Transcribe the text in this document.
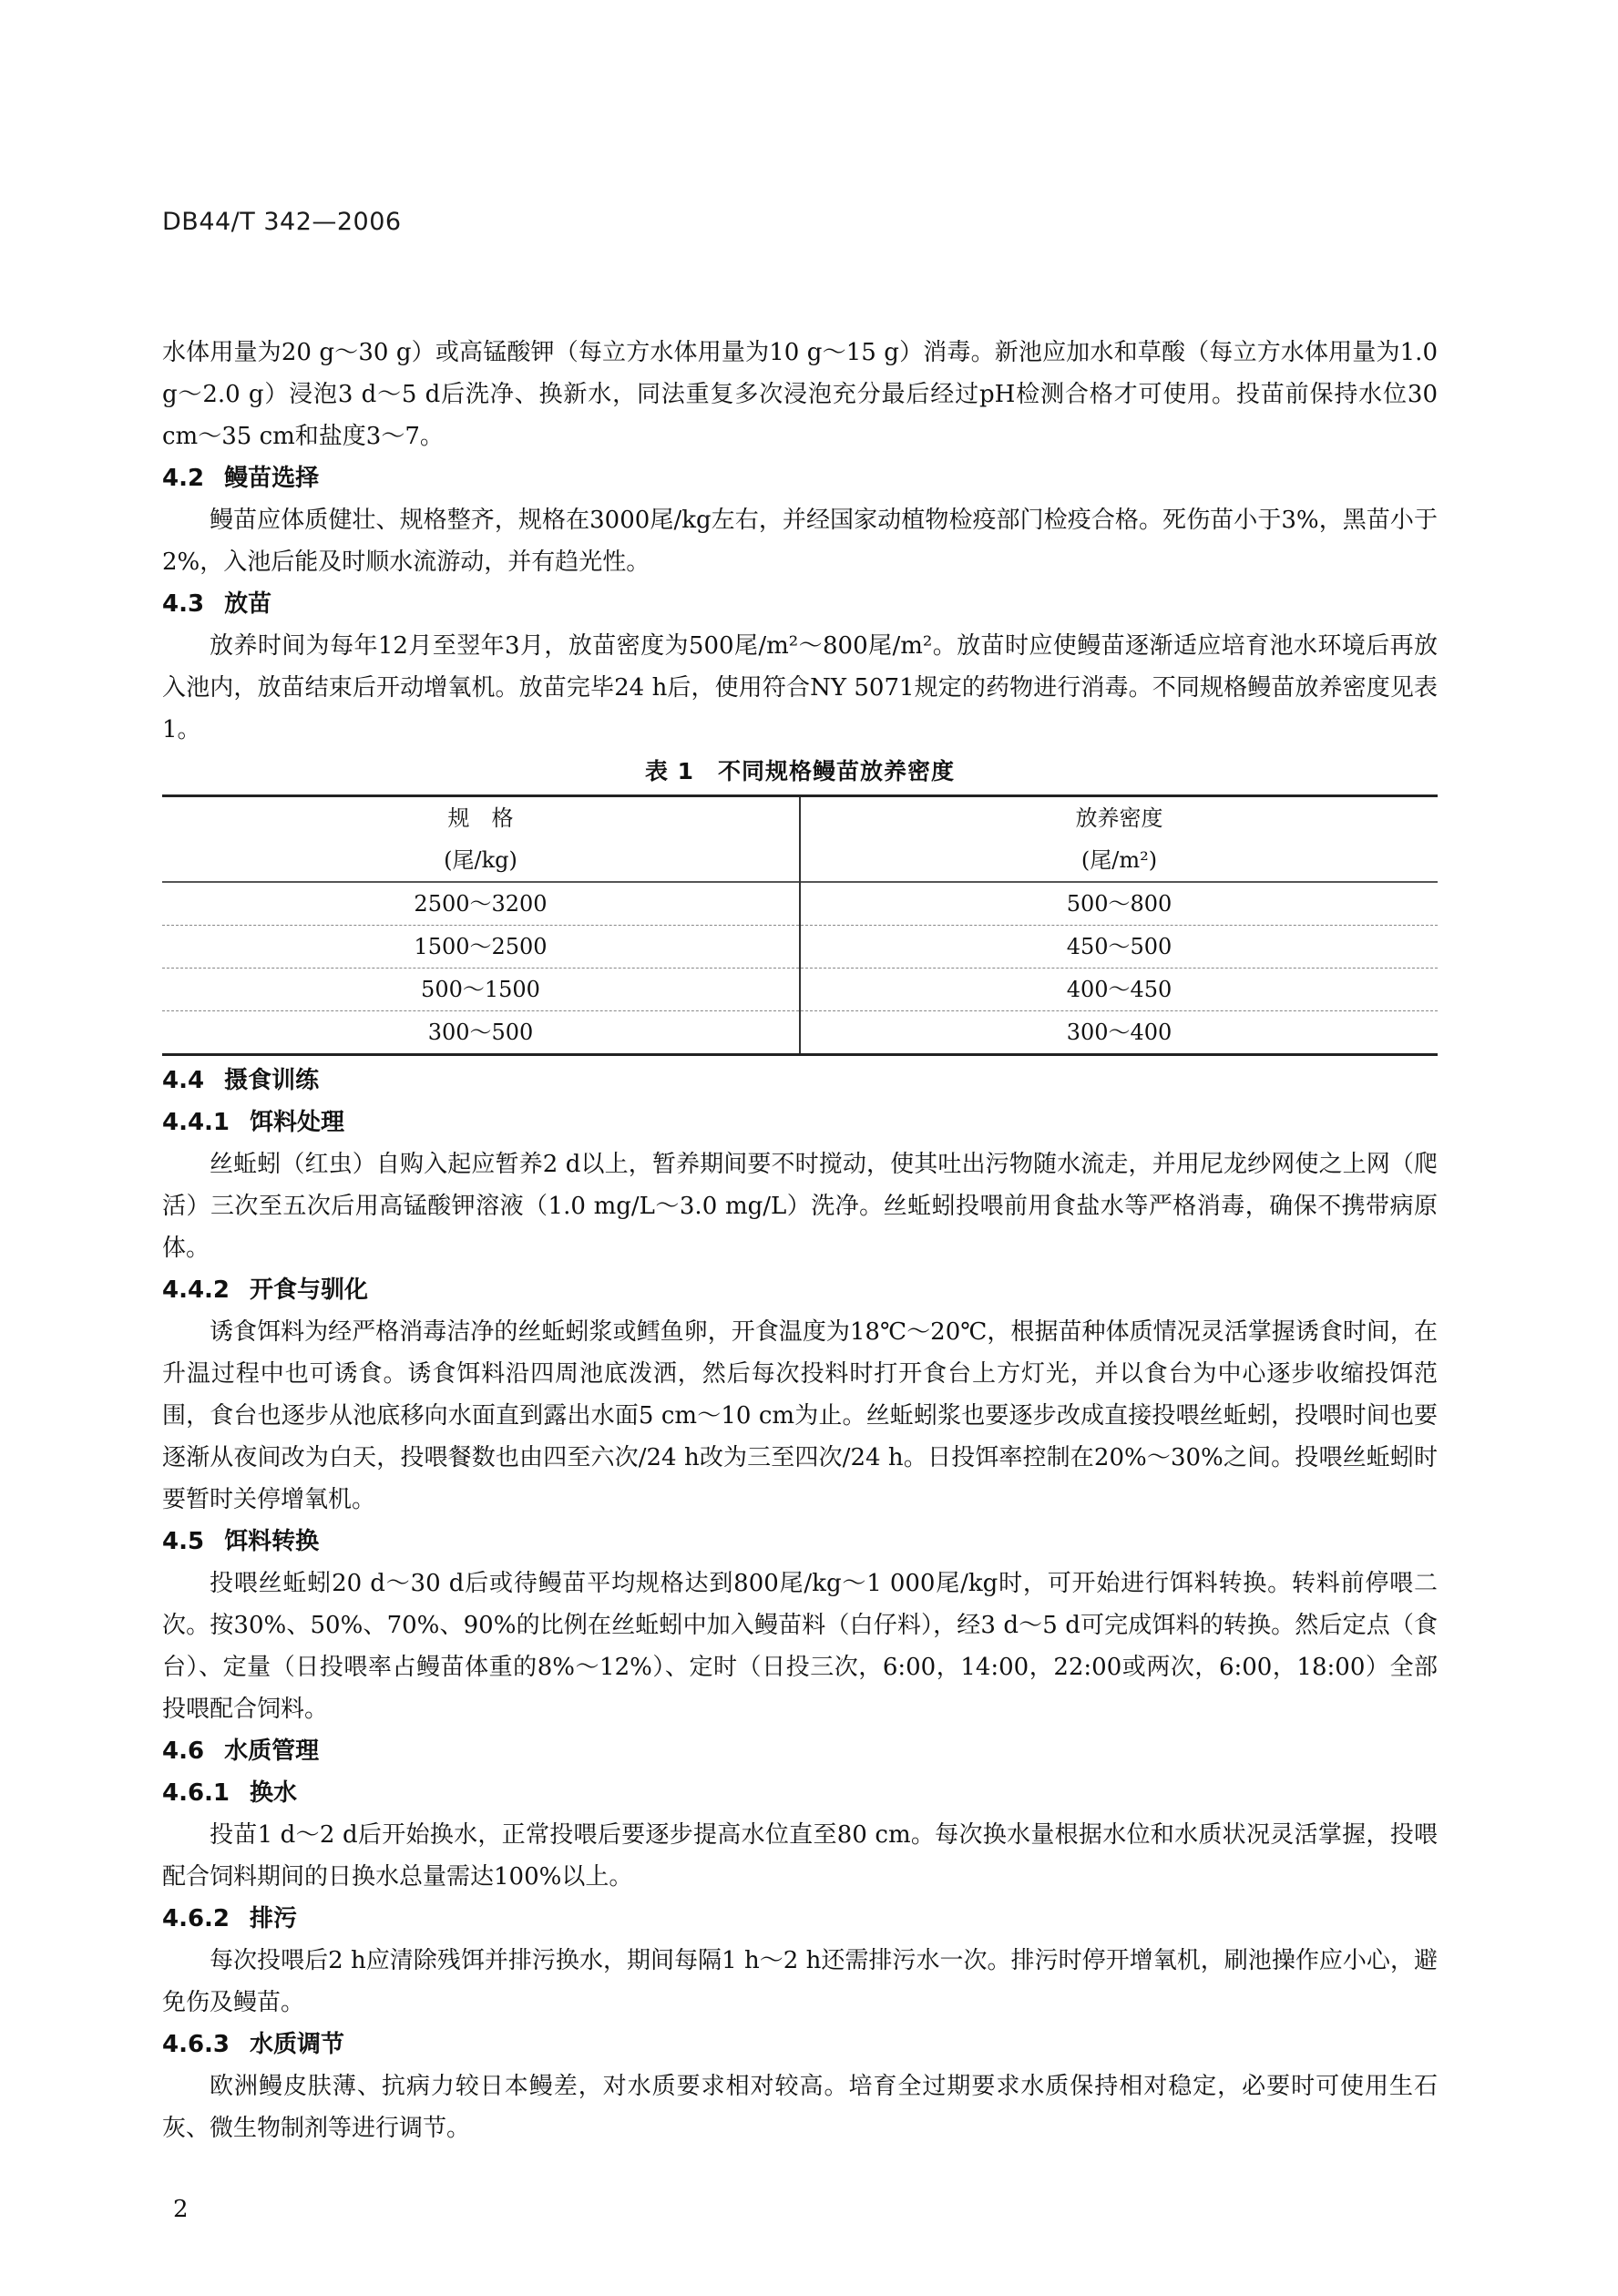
DB44/T 342—2006

水体用量为20 g～30 g）或高锰酸钾（每立方水体用量为10 g～15 g）消毒。新池应加水和草酸（每立方水体用量为1.0 g～2.0 g）浸泡3 d～5 d后洗净、换新水，同法重复多次浸泡充分最后经过pH检测合格才可使用。投苗前保持水位30 cm～35 cm和盐度3～7。

4.2 鳗苗选择

鳗苗应体质健壮、规格整齐，规格在3000尾/kg左右，并经国家动植物检疫部门检疫合格。死伤苗小于3%，黑苗小于2%，入池后能及时顺水流游动，并有趋光性。

4.3 放苗

放养时间为每年12月至翌年3月，放苗密度为500尾/m²～800尾/m²。放苗时应使鳗苗逐渐适应培育池水环境后再放入池内，放苗结束后开动增氧机。放苗完毕24 h后，使用符合NY 5071规定的药物进行消毒。不同规格鳗苗放养密度见表1。

表 1　不同规格鳗苗放养密度

规　格	放养密度
(尾/kg)	(尾/m²)
2500～3200	500～800
1500～2500	450～500
500～1500	400～450
300～500	300～400
4.4 摄食训练
4.4.1 饵料处理

丝蚯蚓（红虫）自购入起应暂养2 d以上，暂养期间要不时搅动，使其吐出污物随水流走，并用尼龙纱网使之上网（爬活）三次至五次后用高锰酸钾溶液（1.0 mg/L～3.0 mg/L）洗净。丝蚯蚓投喂前用食盐水等严格消毒，确保不携带病原体。

4.4.2 开食与驯化

诱食饵料为经严格消毒洁净的丝蚯蚓浆或鳕鱼卵，开食温度为18℃～20℃，根据苗种体质情况灵活掌握诱食时间，在升温过程中也可诱食。诱食饵料沿四周池底泼洒，然后每次投料时打开食台上方灯光，并以食台为中心逐步收缩投饵范围，食台也逐步从池底移向水面直到露出水面5 cm～10 cm为止。丝蚯蚓浆也要逐步改成直接投喂丝蚯蚓，投喂时间也要逐渐从夜间改为白天，投喂餐数也由四至六次/24 h改为三至四次/24 h。日投饵率控制在20%～30%之间。投喂丝蚯蚓时要暂时关停增氧机。

4.5 饵料转换

投喂丝蚯蚓20 d～30 d后或待鳗苗平均规格达到800尾/kg～1 000尾/kg时，可开始进行饵料转换。转料前停喂二次。按30%、50%、70%、90%的比例在丝蚯蚓中加入鳗苗料（白仔料），经3 d～5 d可完成饵料的转换。然后定点（食台）、定量（日投喂率占鳗苗体重的8%～12%）、定时（日投三次，6:00，14:00，22:00或两次，6:00，18:00）全部投喂配合饲料。

4.6 水质管理
4.6.1 换水

投苗1 d～2 d后开始换水，正常投喂后要逐步提高水位直至80 cm。每次换水量根据水位和水质状况灵活掌握，投喂配合饲料期间的日换水总量需达100%以上。

4.6.2 排污

每次投喂后2 h应清除残饵并排污换水，期间每隔1 h～2 h还需排污水一次。排污时停开增氧机，刷池操作应小心，避免伤及鳗苗。

4.6.3 水质调节

欧洲鳗皮肤薄、抗病力较日本鳗差，对水质要求相对较高。培育全过期要求水质保持相对稳定，必要时可使用生石灰、微生物制剂等进行调节。

2
